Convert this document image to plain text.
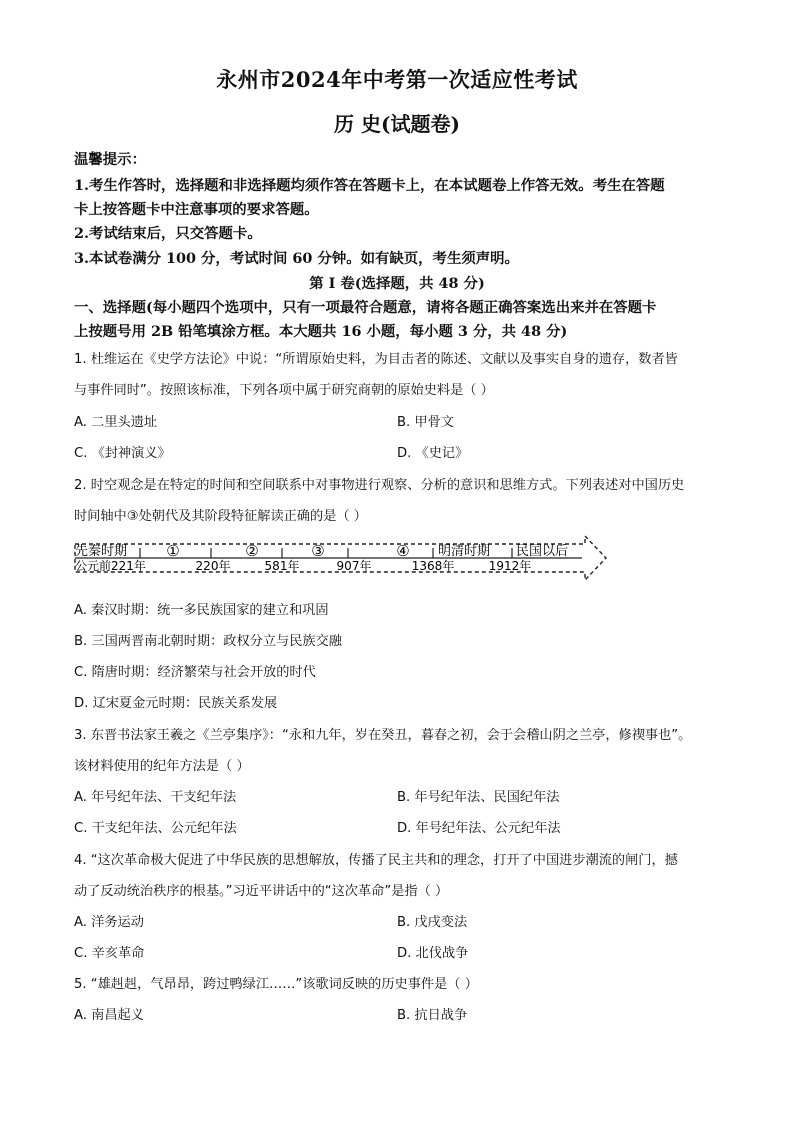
永州市2024年中考第一次适应性考试
历 史(试题卷)
温馨提示：
1.考生作答时，选择题和非选择题均须作答在答题卡上，在本试题卷上作答无效。考生在答题
卡上按答题卡中注意事项的要求答题。
2.考试结束后，只交答题卡。
3.本试卷满分 100 分，考试时间 60 分钟。如有缺页，考生须声明。
第 I 卷(选择题，共 48 分)
一、选择题(每小题四个选项中，只有一项最符合题意，请将各题正确答案选出来并在答题卡
上按题号用 2B 铅笔填涂方框。本大题共 16 小题，每小题 3 分，共 48 分)
1. 杜维运在《史学方法论》中说：“所谓原始史料，为目击者的陈述、文献以及事实自身的遗存，数者皆
与事件同时”。按照该标准，下列各项中属于研究商朝的原始史料是（ ）
A. 二里头遗址	B. 甲骨文
C. 《封神演义》	D. 《史记》
2. 时空观念是在特定的时间和空间联系中对事物进行观察、分析的意识和思维方式。下列表述对中国历史
时间轴中③处朝代及其阶段特征解读正确的是（ ）
先秦时期	①	②	③	④ 明清时期 民国以后
公元前221年	220年	581年	907年	1368年	1912年
A. 秦汉时期：统一多民族国家的建立和巩固
B. 三国两晋南北朝时期：政权分立与民族交融
C. 隋唐时期：经济繁荣与社会开放的时代
D. 辽宋夏金元时期：民族关系发展
3. 东晋书法家王羲之《兰亭集序》：“永和九年，岁在癸丑，暮春之初，会于会稽山阴之兰亭，修禊事也”。
该材料使用的纪年方法是（ ）
A. 年号纪年法、干支纪年法	B. 年号纪年法、民国纪年法
C. 干支纪年法、公元纪年法	D. 年号纪年法、公元纪年法
4. “这次革命极大促进了中华民族的思想解放，传播了民主共和的理念，打开了中国进步潮流的闸门，撼
动了反动统治秩序的根基。”习近平讲话中的“这次革命”是指（ ）
A. 洋务运动	B. 戊戌变法
C. 辛亥革命	D. 北伐战争
5. “雄赳赳，气昂昂，跨过鸭绿江……”该歌词反映的历史事件是（ ）
A. 南昌起义	B. 抗日战争
